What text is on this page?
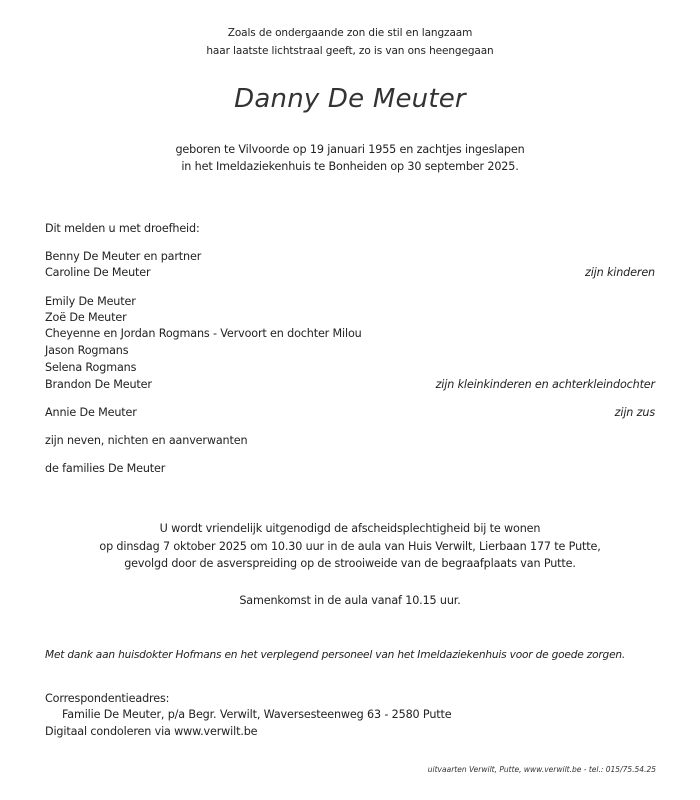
Zoals de ondergaande zon die stil en langzaam
haar laatste lichtstraal geeft, zo is van ons heengegaan
Danny De Meuter
geboren te Vilvoorde op 19 januari 1955 en zachtjes ingeslapen
in het Imeldaziekenhuis te Bonheiden op 30 september 2025.
Dit melden u met droefheid:
Benny De Meuter en partner
Caroline De Meuter	zijn kinderen
Emily De Meuter
Zoë De Meuter
Cheyenne en Jordan Rogmans - Vervoort en dochter Milou
Jason Rogmans
Selena Rogmans
Brandon De Meuter	zijn kleinkinderen en achterkleindochter
Annie De Meuter	zijn zus
zijn neven, nichten en aanverwanten
de families De Meuter
U wordt vriendelijk uitgenodigd de afscheidsplechtigheid bij te wonen
op dinsdag 7 oktober 2025 om 10.30 uur in de aula van Huis Verwilt, Lierbaan 177 te Putte,
gevolgd door de asverspreiding op de strooiweide van de begraafplaats van Putte.
Samenkomst in de aula vanaf 10.15 uur.
Met dank aan huisdokter Hofmans en het verplegend personeel van het Imeldaziekenhuis voor de goede zorgen.
Correspondentieadres:
Familie De Meuter, p/a Begr. Verwilt, Waversesteenweg 63 - 2580 Putte
Digitaal condoleren via www.verwilt.be
uitvaarten Verwilt, Putte, www.verwilt.be - tel.: 015/75.54.25
